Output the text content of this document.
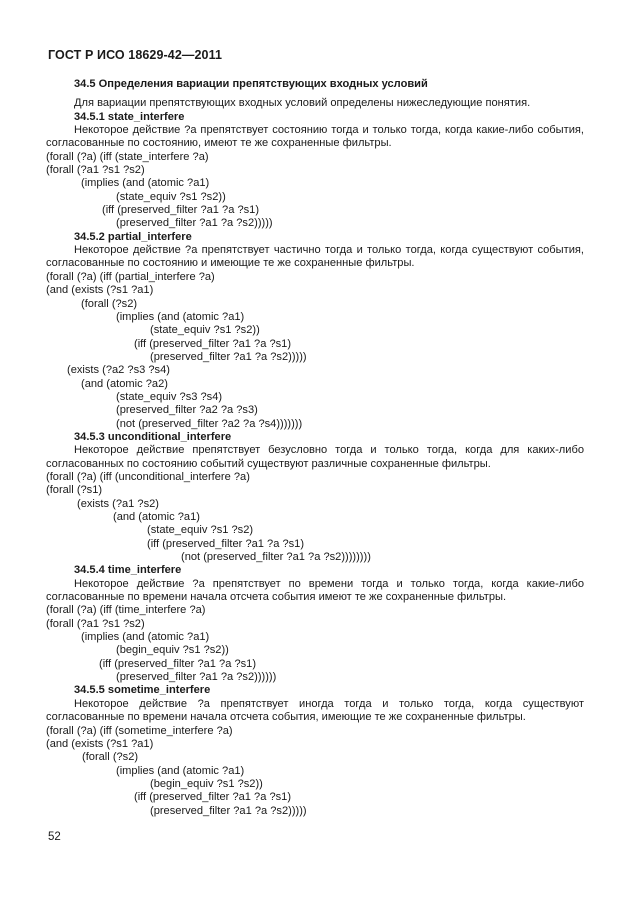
ГОСТ Р ИСО 18629-42—2011
34.5 Определения вариации препятствующих входных условий
Для вариации препятствующих входных условий определены нижеследующие понятия.
34.5.1 state_interfere
Некоторое действие ?a препятствует состоянию тогда и только тогда, когда какие-либо события, согласованные по состоянию, имеют те же сохраненные фильтры.
(forall (?a) (iff (state_interfere ?a)
(forall (?a1 ?s1 ?s2)
(implies (and (atomic ?a1)
(state_equiv ?s1 ?s2))
(iff (preserved_filter ?a1 ?a ?s1)
(preserved_filter ?a1 ?a ?s2)))))
34.5.2 partial_interfere
Некоторое действие ?a препятствует частично тогда и только тогда, когда существуют события, согласованные по состоянию и имеющие те же сохраненные фильтры.
(forall (?a) (iff (partial_interfere ?a)
(and (exists (?s1 ?a1)
(forall (?s2)
(implies (and (atomic ?a1)
(state_equiv ?s1 ?s2))
(iff (preserved_filter ?a1 ?a ?s1)
(preserved_filter ?a1 ?a ?s2)))))
(exists (?a2 ?s3 ?s4)
(and (atomic ?a2)
(state_equiv ?s3 ?s4)
(preserved_filter ?a2 ?a ?s3)
(not (preserved_filter ?a2 ?a ?s4)))))))
34.5.3 unconditional_interfere
Некоторое действие препятствует безусловно тогда и только тогда, когда для каких-либо согласованных по состоянию событий существуют различные сохраненные фильтры.
(forall (?a) (iff (unconditional_interfere ?a)
(forall (?s1)
(exists (?a1 ?s2)
(and (atomic ?a1)
(state_equiv ?s1 ?s2)
(iff (preserved_filter ?a1 ?a ?s1)
(not (preserved_filter ?a1 ?a ?s2))))))))
34.5.4 time_interfere
Некоторое действие ?a препятствует по времени тогда и только тогда, когда какие-либо согласованные по времени начала отсчета события имеют те же сохраненные фильтры.
(forall (?a) (iff (time_interfere ?a)
(forall (?a1 ?s1 ?s2)
(implies (and (atomic ?a1)
(begin_equiv ?s1 ?s2))
(iff (preserved_filter ?a1 ?a ?s1)
(preserved_filter ?a1 ?a ?s2))))))
34.5.5 sometime_interfere
Некоторое действие ?a препятствует иногда тогда и только тогда, когда существуют согласованные по времени начала отсчета события, имеющие те же сохраненные фильтры.
(forall (?a) (iff (sometime_interfere ?a)
(and (exists (?s1 ?a1)
(forall (?s2)
(implies (and (atomic ?a1)
(begin_equiv ?s1 ?s2))
(iff (preserved_filter ?a1 ?a ?s1)
(preserved_filter ?a1 ?a ?s2)))))
52
